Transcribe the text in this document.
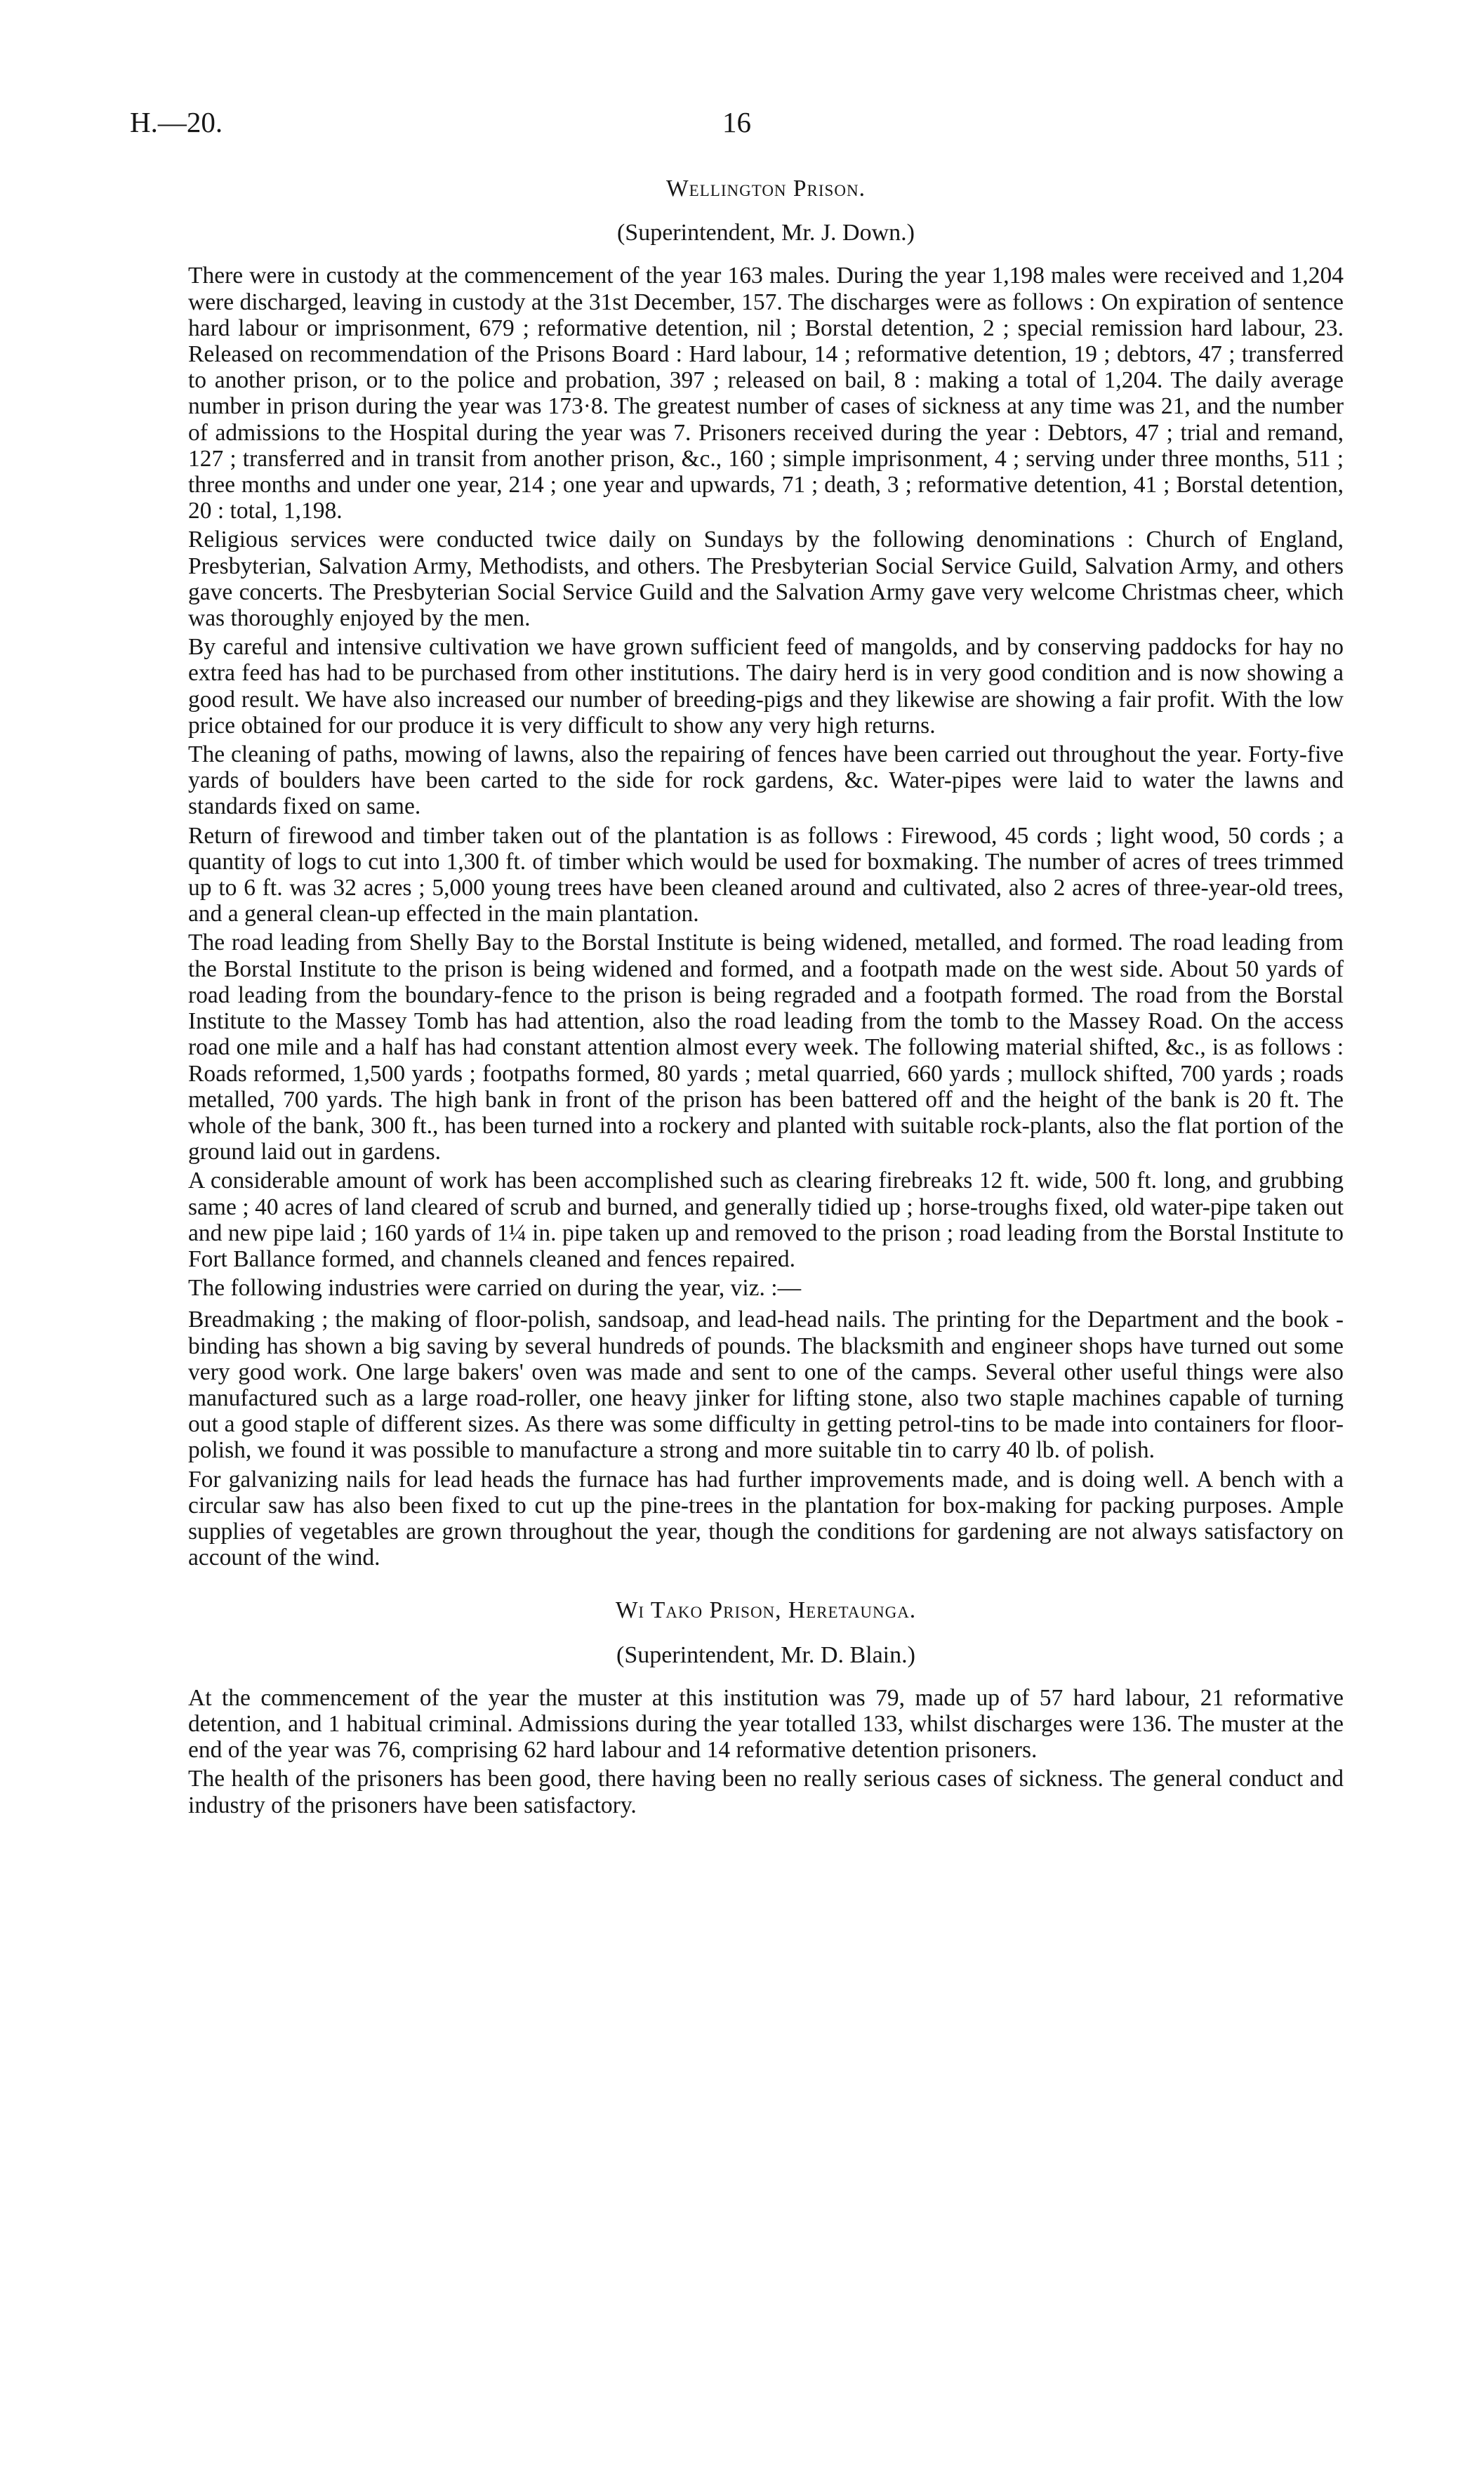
H.—20.	16
Wellington Prison.
(Superintendent, Mr. J. Down.)

There were in custody at the commencement of the year 163 males. During the year 1,198 males were received and 1,204 were discharged, leaving in custody at the 31st December, 157. The discharges were as follows : On expiration of sentence hard labour or imprisonment, 679 ; reformative detention, nil ; Borstal detention, 2 ; special remission hard labour, 23. Released on recommendation of the Prisons Board : Hard labour, 14 ; reformative detention, 19 ; debtors, 47 ; transferred to another prison, or to the police and probation, 397 ; released on bail, 8 : making a total of 1,204. The daily average number in prison during the year was 173·8. The greatest number of cases of sickness at any time was 21, and the number of admissions to the Hospital during the year was 7. Prisoners received during the year : Debtors, 47 ; trial and remand, 127 ; transferred and in transit from another prison, &c., 160 ; simple imprisonment, 4 ; serving under three months, 511 ; three months and under one year, 214 ; one year and upwards, 71 ; death, 3 ; reformative detention, 41 ; Borstal detention, 20 : total, 1,198.

Religious services were conducted twice daily on Sundays by the following denominations : Church of England, Presbyterian, Salvation Army, Methodists, and others. The Presbyterian Social Service Guild, Salvation Army, and others gave concerts. The Presbyterian Social Service Guild and the Salvation Army gave very welcome Christmas cheer, which was thoroughly enjoyed by the men.

By careful and intensive cultivation we have grown sufficient feed of mangolds, and by conserving paddocks for hay no extra feed has had to be purchased from other institutions. The dairy herd is in very good condition and is now showing a good result. We have also increased our number of breeding-pigs and they likewise are showing a fair profit. With the low price obtained for our produce it is very difficult to show any very high returns.

The cleaning of paths, mowing of lawns, also the repairing of fences have been carried out throughout the year. Forty-five yards of boulders have been carted to the side for rock gardens, &c. Water-pipes were laid to water the lawns and standards fixed on same.

Return of firewood and timber taken out of the plantation is as follows : Firewood, 45 cords ; light wood, 50 cords ; a quantity of logs to cut into 1,300 ft. of timber which would be used for boxmaking. The number of acres of trees trimmed up to 6 ft. was 32 acres ; 5,000 young trees have been cleaned around and cultivated, also 2 acres of three-year-old trees, and a general clean-up effected in the main plantation.

The road leading from Shelly Bay to the Borstal Institute is being widened, metalled, and formed. The road leading from the Borstal Institute to the prison is being widened and formed, and a footpath made on the west side. About 50 yards of road leading from the boundary-fence to the prison is being regraded and a footpath formed. The road from the Borstal Institute to the Massey Tomb has had attention, also the road leading from the tomb to the Massey Road. On the access road one mile and a half has had constant attention almost every week. The following material shifted, &c., is as follows : Roads reformed, 1,500 yards ; footpaths formed, 80 yards ; metal quarried, 660 yards ; mullock shifted, 700 yards ; roads metalled, 700 yards. The high bank in front of the prison has been battered off and the height of the bank is 20 ft. The whole of the bank, 300 ft., has been turned into a rockery and planted with suitable rock-plants, also the flat portion of the ground laid out in gardens.

A considerable amount of work has been accomplished such as clearing firebreaks 12 ft. wide, 500 ft. long, and grubbing same ; 40 acres of land cleared of scrub and burned, and generally tidied up ; horse-troughs fixed, old water-pipe taken out and new pipe laid ; 160 yards of 1¼ in. pipe taken up and removed to the prison ; road leading from the Borstal Institute to Fort Ballance formed, and channels cleaned and fences repaired.

The following industries were carried on during the year, viz. :—

Breadmaking ; the making of floor-polish, sandsoap, and lead-head nails. The printing for the Department and the book - binding has shown a big saving by several hundreds of pounds. The blacksmith and engineer shops have turned out some very good work. One large bakers' oven was made and sent to one of the camps. Several other useful things were also manufactured such as a large road-roller, one heavy jinker for lifting stone, also two staple machines capable of turning out a good staple of different sizes. As there was some difficulty in getting petrol-tins to be made into containers for floor-polish, we found it was possible to manufacture a strong and more suitable tin to carry 40 lb. of polish.

For galvanizing nails for lead heads the furnace has had further improvements made, and is doing well. A bench with a circular saw has also been fixed to cut up the pine-trees in the plantation for box-making for packing purposes. Ample supplies of vegetables are grown throughout the year, though the conditions for gardening are not always satisfactory on account of the wind.

Wi Tako Prison, Heretaunga.
(Superintendent, Mr. D. Blain.)

At the commencement of the year the muster at this institution was 79, made up of 57 hard labour, 21 reformative detention, and 1 habitual criminal. Admissions during the year totalled 133, whilst discharges were 136. The muster at the end of the year was 76, comprising 62 hard labour and 14 reformative detention prisoners.

The health of the prisoners has been good, there having been no really serious cases of sickness. The general conduct and industry of the prisoners have been satisfactory.
